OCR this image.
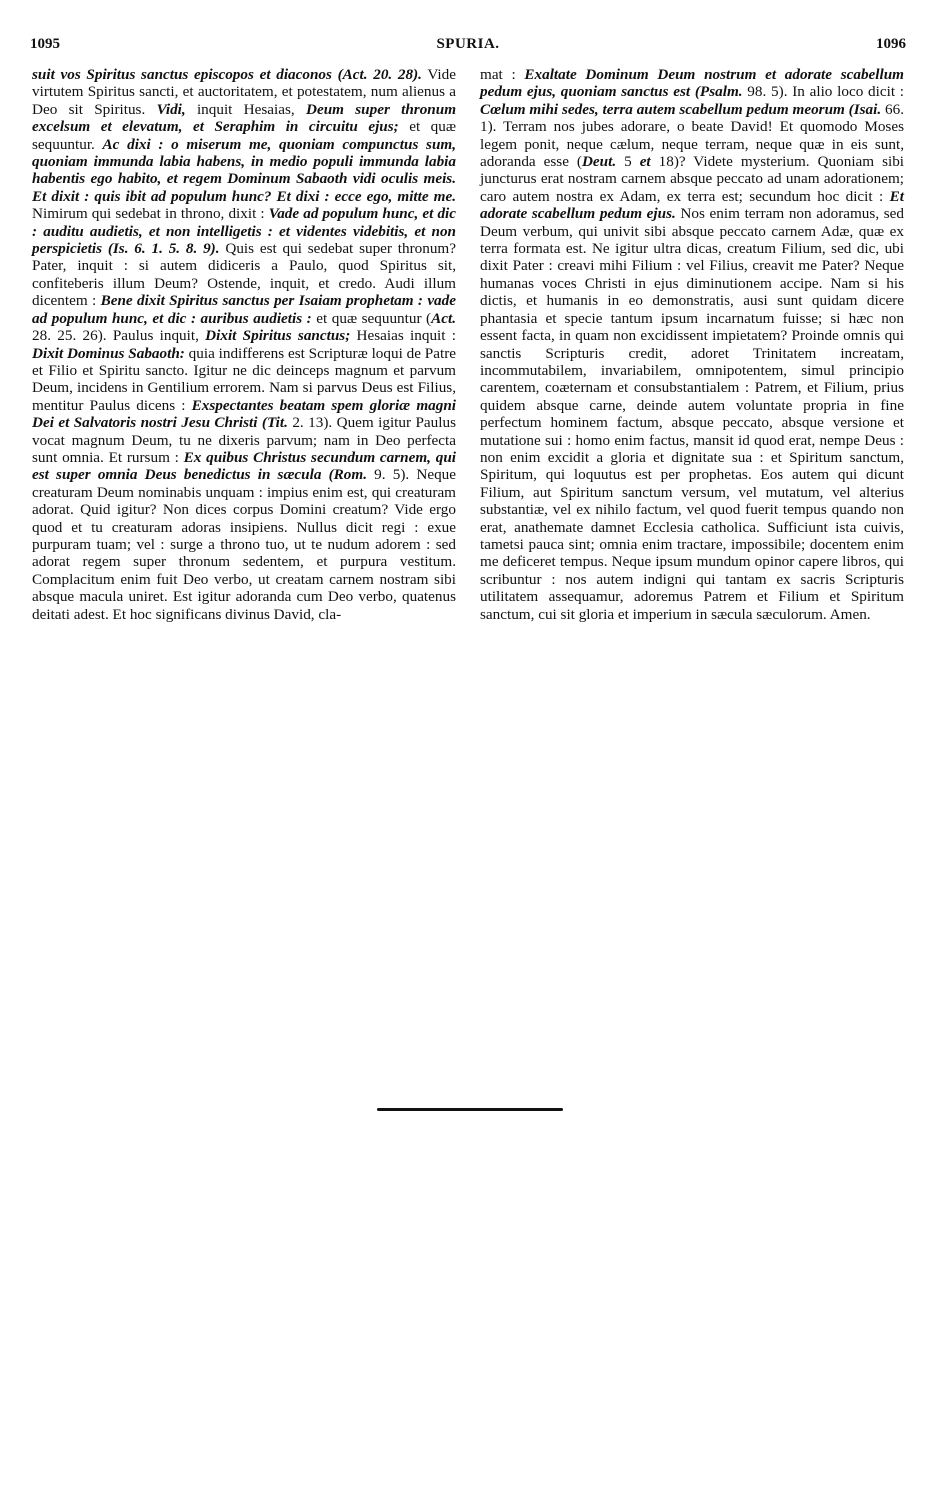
1095	SPURIA.	1096

suit vos Spiritus sanctus episcopos et diaconos (Act. 20. 28). Vide virtutem Spiritus sancti, et auctoritatem, et potestatem, num alienus a Deo sit Spiritus. Vidi, inquit Hesaias, Deum super thronum excelsum et elevatum, et Seraphim in circuitu ejus; et quæ sequuntur. Ac dixi : o miserum me, quoniam compunctus sum, quoniam immunda labia habens, in medio populi immunda labia habentis ego habito, et regem Dominum Sabaoth vidi oculis meis. Et dixit : quis ibit ad populum hunc? Et dixi : ecce ego, mitte me. Nimirum qui sedebat in throno, dixit : Vade ad populum hunc, et dic : auditu audietis, et non intelligetis : et videntes videbitis, et non perspicietis (Is. 6. 1. 5. 8. 9). Quis est qui sedebat super thronum? Pater, inquit : si autem didiceris a Paulo, quod Spiritus sit, confiteberis illum Deum? Ostende, inquit, et credo. Audi illum dicentem : Bene dixit Spiritus sanctus per Isaiam prophetam : vade ad populum hunc, et dic : auribus audietis : et quæ sequuntur (Act. 28. 25. 26). Paulus inquit, Dixit Spiritus sanctus; Hesaias inquit : Dixit Dominus Sabaoth: quia indifferens est Scripturæ loqui de Patre et Filio et Spiritu sancto. Igitur ne dic deinceps magnum et parvum Deum, incidens in Gentilium errorem. Nam si parvus Deus est Filius, mentitur Paulus dicens : Exspectantes beatam spem gloriæ magni Dei et Salvatoris nostri Jesu Christi (Tit. 2. 13). Quem igitur Paulus vocat magnum Deum, tu ne dixeris parvum; nam in Deo perfecta sunt omnia. Et rursum : Ex quibus Christus secundum carnem, qui est super omnia Deus benedictus in sæcula (Rom. 9. 5). Neque creaturam Deum nominabis unquam : impius enim est, qui creaturam adorat. Quid igitur? Non dices corpus Domini creatum? Vide ergo quod et tu creaturam adoras insipiens. Nullus dicit regi : exue purpuram tuam; vel : surge a throno tuo, ut te nudum adorem : sed adorat regem super thronum sedentem, et purpura vestitum. Complacitum enim fuit Deo verbo, ut creatam carnem nostram sibi absque macula uniret. Est igitur adoranda cum Deo verbo, quatenus deitati adest. Et hoc significans divinus David, cla-

mat : Exaltate Dominum Deum nostrum et adorate scabellum pedum ejus, quoniam sanctus est (Psalm. 98. 5). In alio loco dicit : Cœlum mihi sedes, terra autem scabellum pedum meorum (Isai. 66. 1). Terram nos jubes adorare, o beate David! Et quomodo Moses legem ponit, neque cælum, neque terram, neque quæ in eis sunt, adoranda esse (Deut. 5 et 18)? Videte mysterium. Quoniam sibi juncturus erat nostram carnem absque peccato ad unam adorationem; caro autem nostra ex Adam, ex terra est; secundum hoc dicit : Et adorate scabellum pedum ejus. Nos enim terram non adoramus, sed Deum verbum, qui univit sibi absque peccato carnem Adæ, quæ ex terra formata est. Ne igitur ultra dicas, creatum Filium, sed dic, ubi dixit Pater : creavi mihi Filium : vel Filius, creavit me Pater? Neque humanas voces Christi in ejus diminutionem accipe. Nam si his dictis, et humanis in eo demonstratis, ausi sunt quidam dicere phantasia et specie tantum ipsum incarnatum fuisse; si hæc non essent facta, in quam non excidissent impietatem? Proinde omnis qui sanctis Scripturis credit, adoret Trinitatem increatam, incommutabilem, invariabilem, omnipotentem, simul principio carentem, coæternam et consubstantialem : Patrem, et Filium, prius quidem absque carne, deinde autem voluntate propria in fine perfectum hominem factum, absque peccato, absque versione et mutatione sui : homo enim factus, mansit id quod erat, nempe Deus : non enim excidit a gloria et dignitate sua : et Spiritum sanctum, Spiritum, qui loquutus est per prophetas. Eos autem qui dicunt Filium, aut Spiritum sanctum versum, vel mutatum, vel alterius substantiæ, vel ex nihilo factum, vel quod fuerit tempus quando non erat, anathemate damnet Ecclesia catholica. Sufficiunt ista cuivis, tametsi pauca sint; omnia enim tractare, impossibile; docentem enim me deficeret tempus. Neque ipsum mundum opinor capere libros, qui scribuntur : nos autem indigni qui tantam ex sacris Scripturis utilitatem assequamur, adoremus Patrem et Filium et Spiritum sanctum, cui sit gloria et imperium in sæcula sæculorum. Amen.
